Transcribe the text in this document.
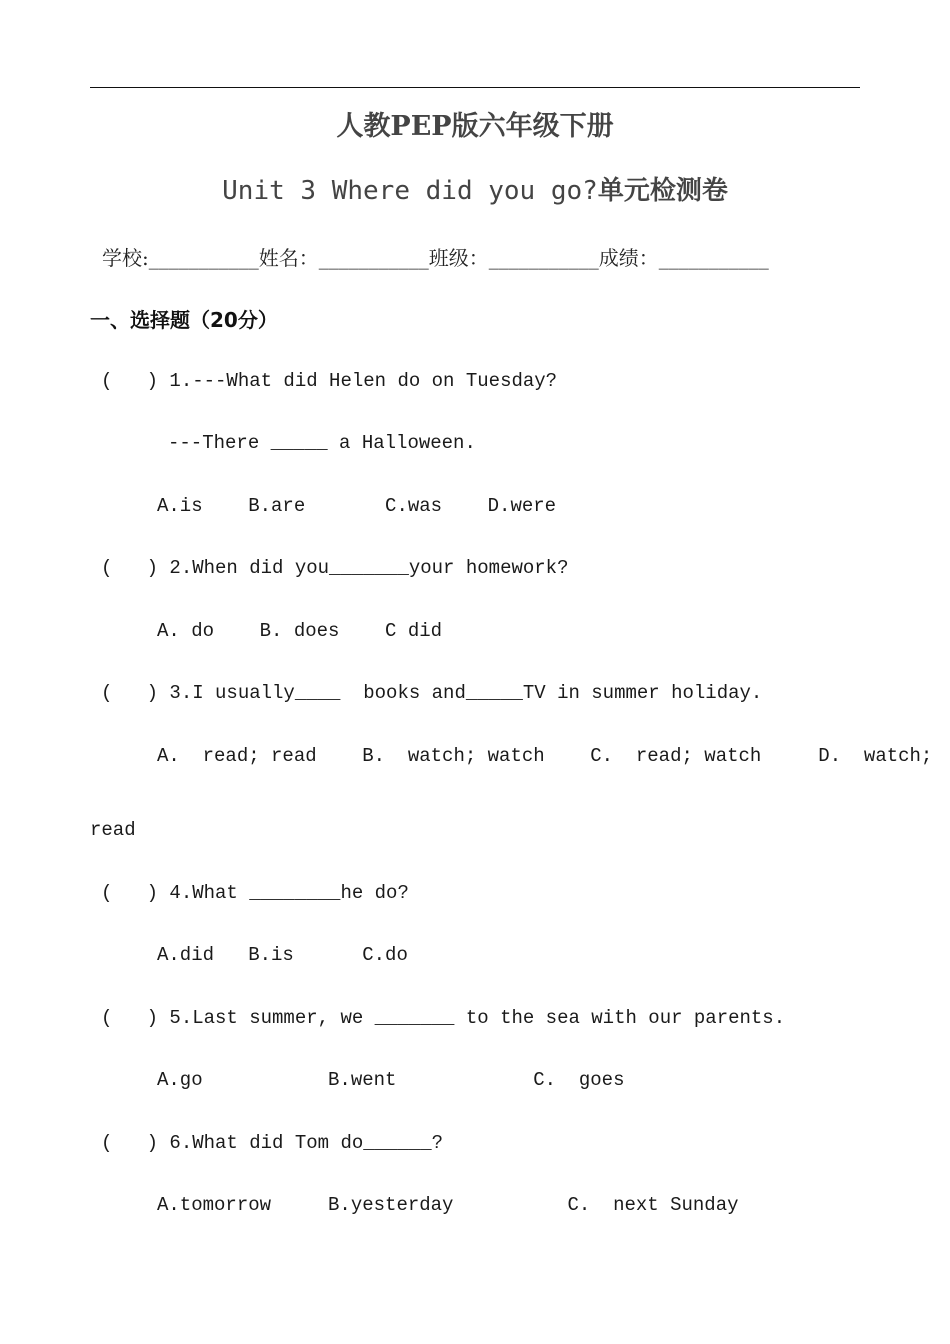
人教PEP版六年级下册
Unit 3 Where did you go?单元检测卷
学校:___________姓名：___________班级：___________成绩：___________
一、选择题（20分）
(   ) 1.---What did Helen do on Tuesday?
---There _____ a Halloween.
A.is    B.are       C.was    D.were
(   ) 2.When did you_______your homework?
A. do    B. does    C did
(   ) 3.I usually____  books and_____TV in summer holiday.
A.  read; read    B.  watch; watch    C.  read; watch     D.  watch;
read
(   ) 4.What ________he do?
A.did   B.is      C.do
(   ) 5.Last summer, we _______ to the sea with our parents.
A.go           B.went            C.  goes
(   ) 6.What did Tom do______?
A.tomorrow     B.yesterday          C.  next Sunday
